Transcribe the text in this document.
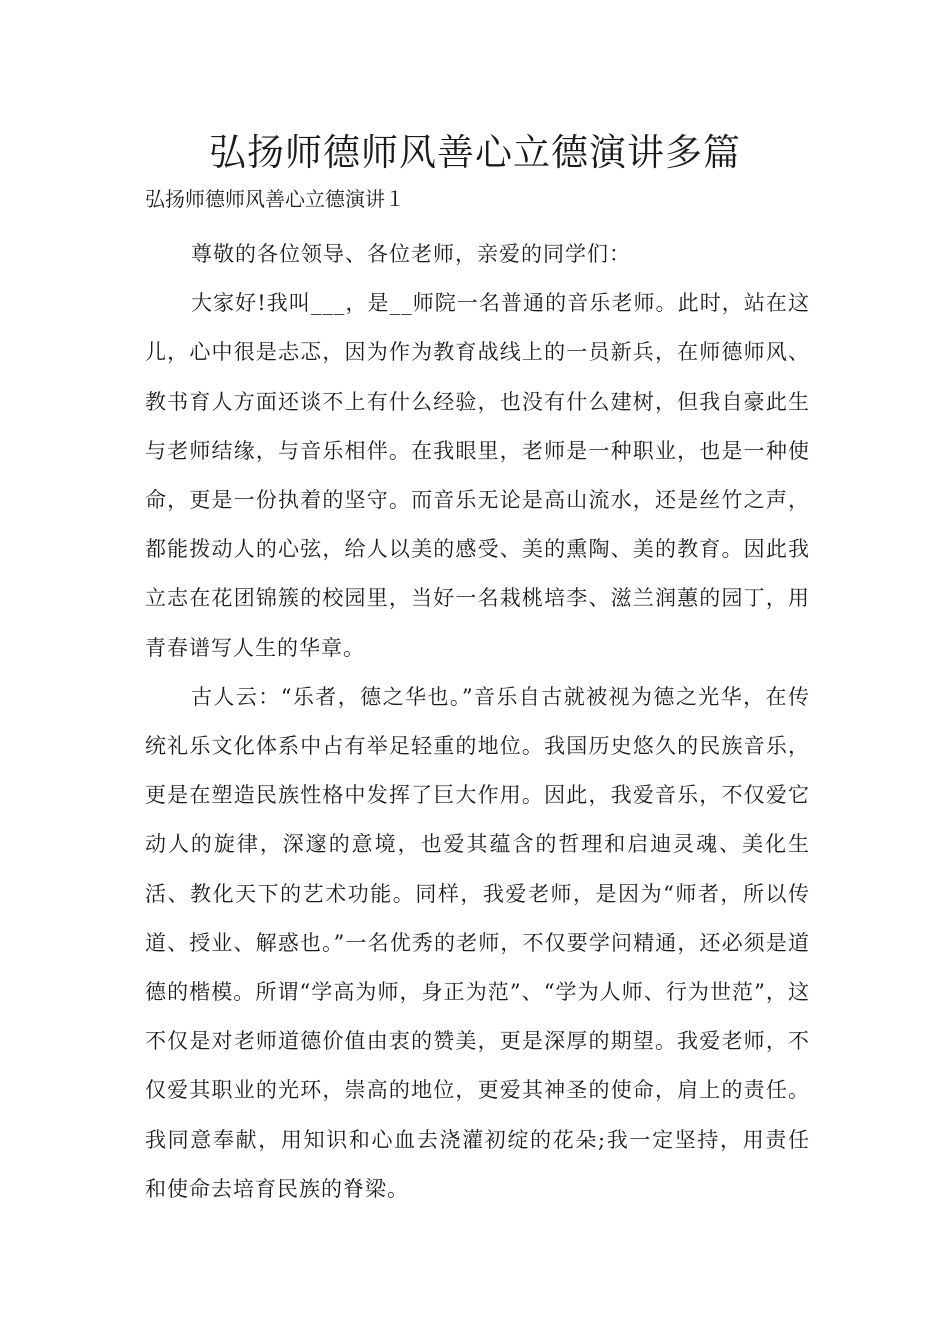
弘扬师德师风善心立德演讲多篇

弘扬师德师风善心立德演讲１

尊敬的各位领导、各位老师，亲爱的同学们：

大家好!我叫___，是__师院一名普通的音乐老师。此时，站在这儿，心中很是忐忑，因为作为教育战线上的一员新兵，在师德师风、教书育人方面还谈不上有什么经验，也没有什么建树，但我自豪此生与老师结缘，与音乐相伴。在我眼里，老师是一种职业，也是一种使命，更是一份执着的坚守。而音乐无论是高山流水，还是丝竹之声，都能拨动人的心弦，给人以美的感受、美的熏陶、美的教育。因此我立志在花团锦簇的校园里，当好一名栽桃培李、滋兰润蕙的园丁，用青春谱写人生的华章。

古人云：“乐者，德之华也。”音乐自古就被视为德之光华，在传统礼乐文化体系中占有举足轻重的地位。我国历史悠久的民族音乐，更是在塑造民族性格中发挥了巨大作用。因此，我爱音乐，不仅爱它动人的旋律，深邃的意境，也爱其蕴含的哲理和启迪灵魂、美化生活、教化天下的艺术功能。同样，我爱老师，是因为“师者，所以传道、授业、解惑也。”一名优秀的老师，不仅要学问精通，还必须是道德的楷模。所谓“学高为师，身正为范”、“学为人师、行为世范”，这不仅是对老师道德价值由衷的赞美，更是深厚的期望。我爱老师，不仅爱其职业的光环，崇高的地位，更爱其神圣的使命，肩上的责任。我同意奉献，用知识和心血去浇灌初绽的花朵;我一定坚持，用责任和使命去培育民族的脊梁。
